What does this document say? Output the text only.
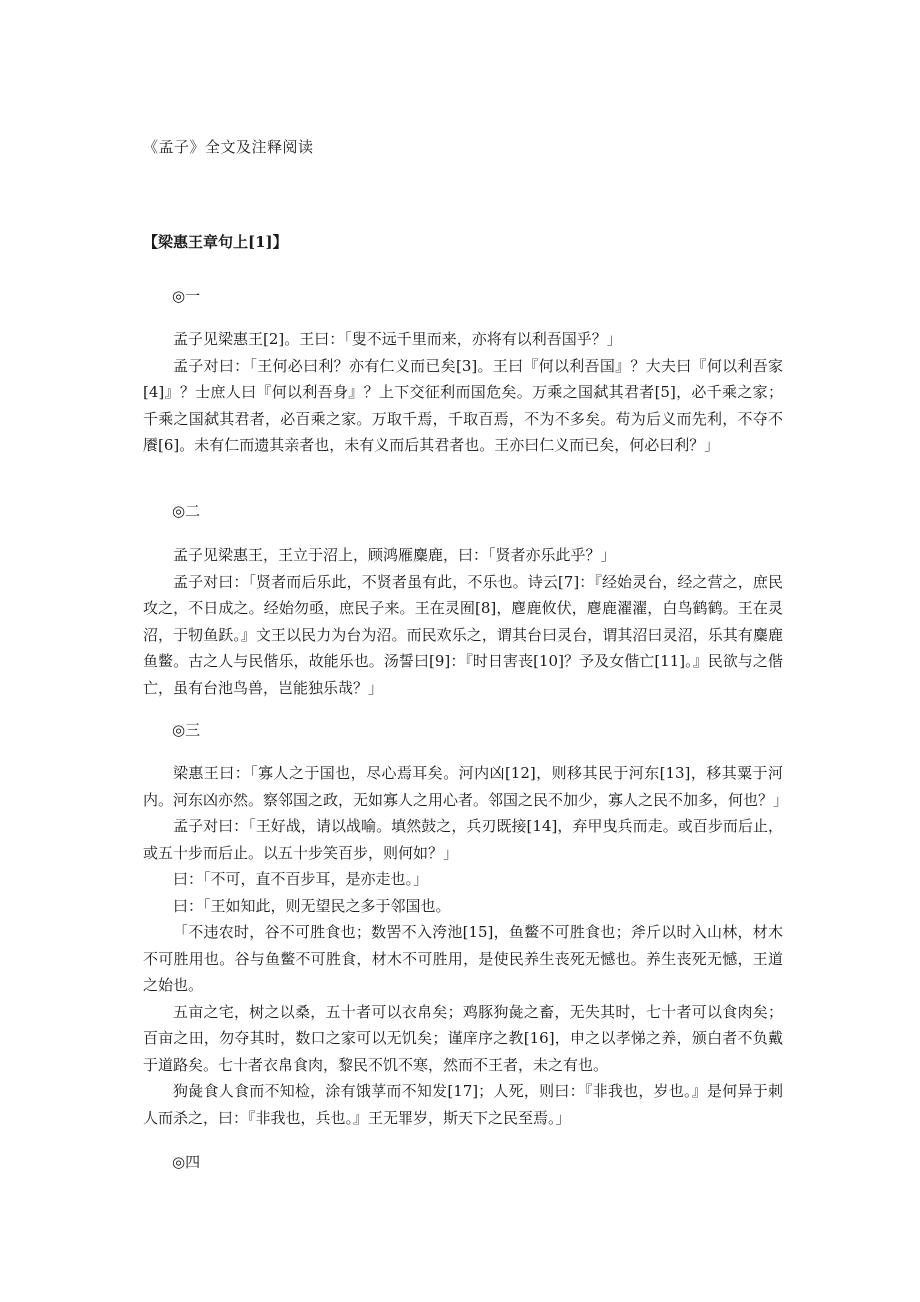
《孟子》全文及注释阅读
【梁惠王章句上[1]】
◎一

孟子见梁惠王[2]。王曰：「叟不远千里而来，亦将有以利吾国乎？」

孟子对曰：「王何必曰利？亦有仁义而已矣[3]。王曰『何以利吾国』？大夫曰『何以利吾家[4]』？士庶人曰『何以利吾身』？上下交征利而国危矣。万乘之国弑其君者[5]，必千乘之家；千乘之国弑其君者，必百乘之家。万取千焉，千取百焉，不为不多矣。苟为后义而先利，不夺不餍[6]。未有仁而遗其亲者也，未有义而后其君者也。王亦曰仁义而已矣，何必曰利？」

◎二

孟子见梁惠王，王立于沼上，顾鸿雁麋鹿，曰：「贤者亦乐此乎？」

孟子对曰：「贤者而后乐此，不贤者虽有此，不乐也。诗云[7]：『经始灵台，经之营之，庶民攻之，不日成之。经始勿亟，庶民子来。王在灵囿[8]，麀鹿攸伏，麀鹿濯濯，白鸟鹤鹤。王在灵沼，于牣鱼跃。』文王以民力为台为沼。而民欢乐之，谓其台曰灵台，谓其沼曰灵沼，乐其有麋鹿鱼鳖。古之人与民偕乐，故能乐也。汤誓曰[9]：『时日害丧[10]？予及女偕亡[11]。』民欲与之偕亡，虽有台池鸟兽，岂能独乐哉？」

◎三

梁惠王曰：「寡人之于国也，尽心焉耳矣。河内凶[12]，则移其民于河东[13]，移其粟于河内。河东凶亦然。察邻国之政，无如寡人之用心者。邻国之民不加少，寡人之民不加多，何也？」

孟子对曰：「王好战，请以战喻。填然鼓之，兵刃既接[14]，弃甲曳兵而走。或百步而后止，或五十步而后止。以五十步笑百步，则何如？」

曰：「不可，直不百步耳，是亦走也。」

曰：「王如知此，则无望民之多于邻国也。

「不违农时，谷不可胜食也；数罟不入洿池[15]，鱼鳖不可胜食也；斧斤以时入山林，材木不可胜用也。谷与鱼鳖不可胜食，材木不可胜用，是使民养生丧死无憾也。养生丧死无憾，王道之始也。

五亩之宅，树之以桑，五十者可以衣帛矣；鸡豚狗彘之畜，无失其时，七十者可以食肉矣；百亩之田，勿夺其时，数口之家可以无饥矣；谨庠序之教[16]，申之以孝悌之养，颁白者不负戴于道路矣。七十者衣帛食肉，黎民不饥不寒，然而不王者，未之有也。

狗彘食人食而不知检，涂有饿莩而不知发[17]；人死，则曰：『非我也，岁也。』是何异于刺人而杀之，曰：『非我也，兵也。』王无罪岁，斯天下之民至焉。」

◎四
